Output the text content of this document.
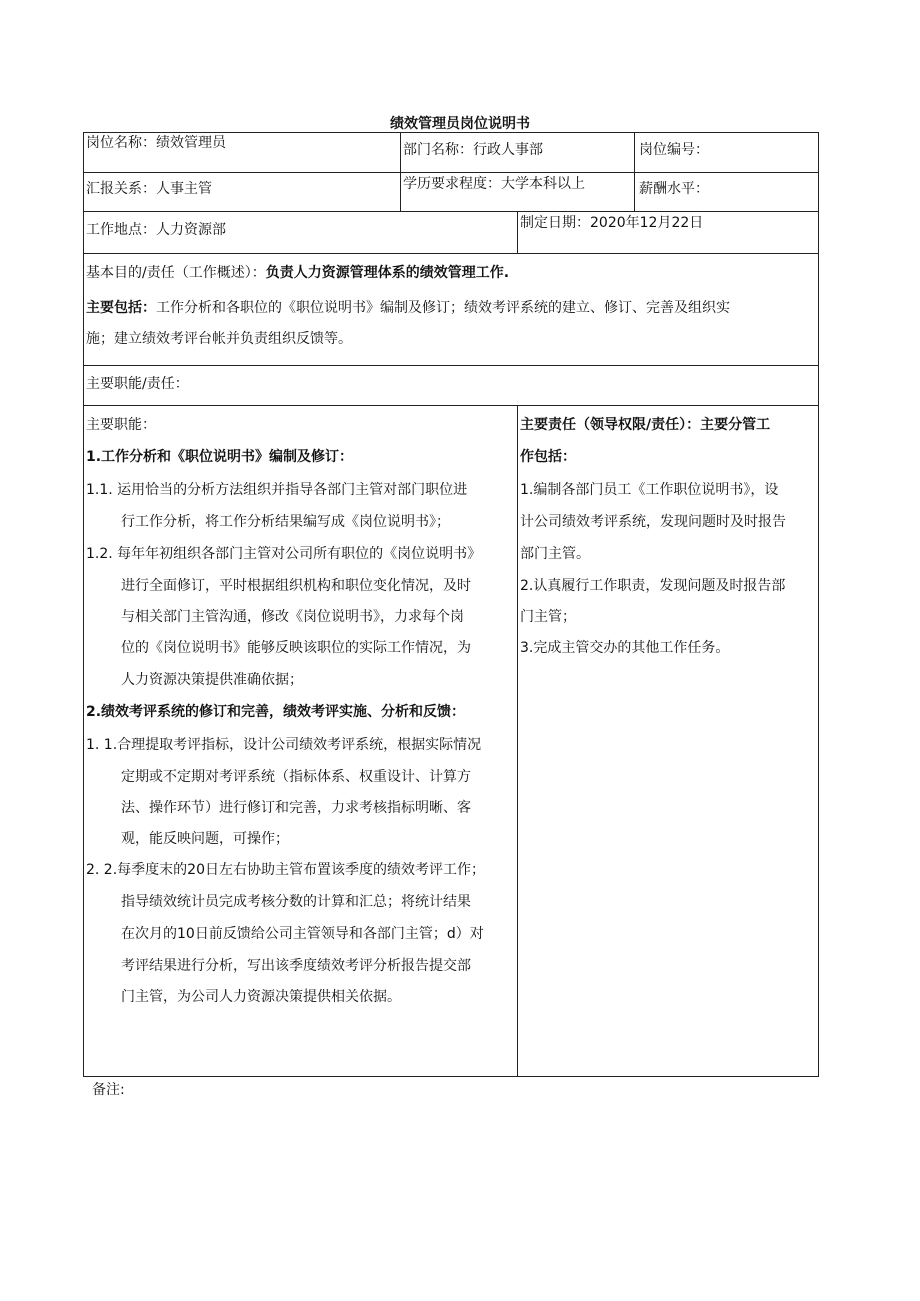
绩效管理员岗位说明书
岗位名称：绩效管理员	部门名称：行政人事部	岗位编号：
汇报关系：人事主管	学历要求程度：大学本科以上	薪酬水平：
工作地点：人力资源部	制定日期：2020年12月22日
基本目的/责任（工作概述）：负责人力资源管理体系的绩效管理工作.
主要包括：工作分析和各职位的《职位说明书》编制及修订；绩效考评系统的建立、修订、完善及组织实
施；建立绩效考评台帐并负责组织反馈等。
主要职能/责任：
主要职能：
1.工作分析和《职位说明书》编制及修订：
1.1. 运用恰当的分析方法组织并指导各部门主管对部门职位进
行工作分析，将工作分析结果编写成《岗位说明书》；
1.2. 每年年初组织各部门主管对公司所有职位的《岗位说明书》
进行全面修订，平时根据组织机构和职位变化情况，及时
与相关部门主管沟通，修改《岗位说明书》，力求每个岗
位的《岗位说明书》能够反映该职位的实际工作情况，为
人力资源决策提供准确依据；
2.绩效考评系统的修订和完善，绩效考评实施、分析和反馈：
1. 1.合理提取考评指标，设计公司绩效考评系统，根据实际情况
定期或不定期对考评系统（指标体系、权重设计、计算方
法、操作环节）进行修订和完善，力求考核指标明晰、客
观，能反映问题，可操作；
2. 2.每季度末的20日左右协助主管布置该季度的绩效考评工作；
指导绩效统计员完成考核分数的计算和汇总；将统计结果
在次月的10日前反馈给公司主管领导和各部门主管；d）对
考评结果进行分析，写出该季度绩效考评分析报告提交部
门主管，为公司人力资源决策提供相关依据。
主要责任（领导权限/责任）：主要分管工
作包括：
1.编制各部门员工《工作职位说明书》，设
计公司绩效考评系统，发现问题时及时报告
部门主管。
2.认真履行工作职责，发现问题及时报告部
门主管；
3.完成主管交办的其他工作任务。
备注:
